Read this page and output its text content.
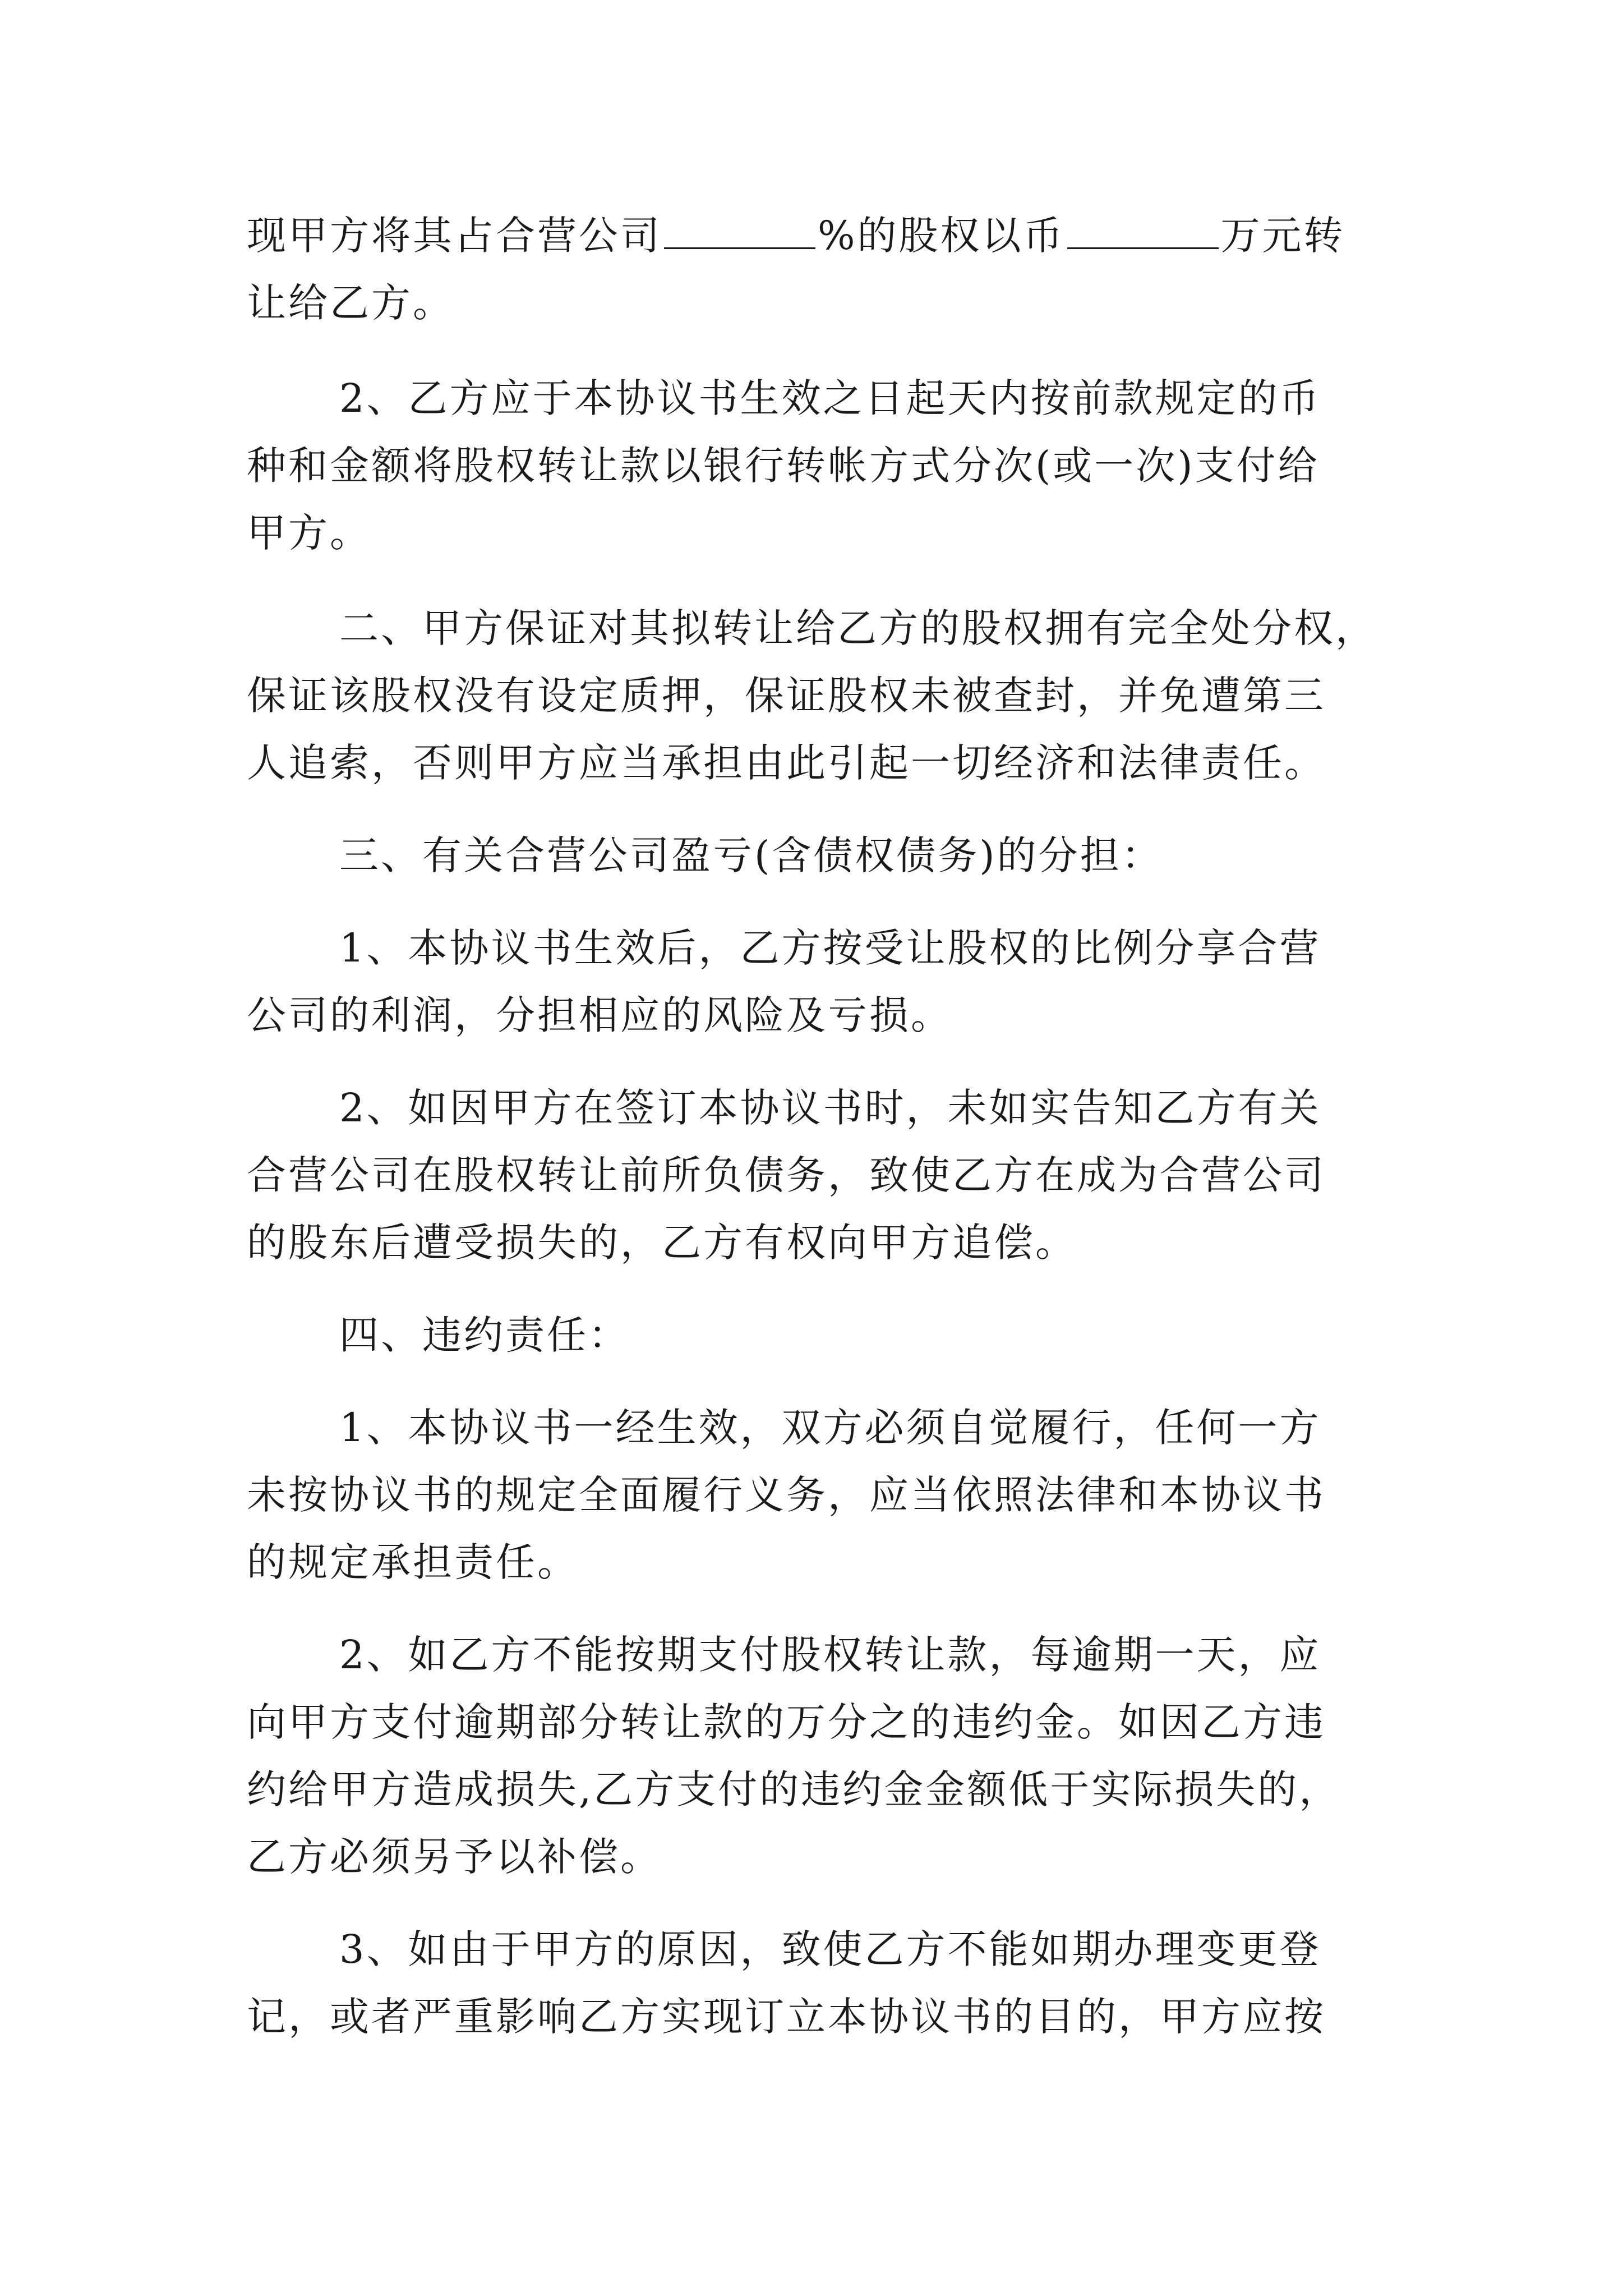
现甲方将其占合营公司	%的股权以币	万元转
让给乙方。
2、乙方应于本协议书生效之日起天内按前款规定的币
种和金额将股权转让款以银行转帐方式分次(或一次)支付给
甲方。
二、甲方保证对其拟转让给乙方的股权拥有完全处分权，
保证该股权没有设定质押，保证股权未被查封，并免遭第三
人追索，否则甲方应当承担由此引起一切经济和法律责任。
三、有关合营公司盈亏(含债权债务)的分担：
1、本协议书生效后，乙方按受让股权的比例分享合营
公司的利润，分担相应的风险及亏损。
2、如因甲方在签订本协议书时，未如实告知乙方有关
合营公司在股权转让前所负债务，致使乙方在成为合营公司
的股东后遭受损失的，乙方有权向甲方追偿。
四、违约责任：
1、本协议书一经生效，双方必须自觉履行，任何一方
未按协议书的规定全面履行义务，应当依照法律和本协议书
的规定承担责任。
2、如乙方不能按期支付股权转让款，每逾期一天，应
向甲方支付逾期部分转让款的万分之的违约金。如因乙方违
约给甲方造成损失,乙方支付的违约金金额低于实际损失的，
乙方必须另予以补偿。
3、如由于甲方的原因，致使乙方不能如期办理变更登
记，或者严重影响乙方实现订立本协议书的目的，甲方应按
